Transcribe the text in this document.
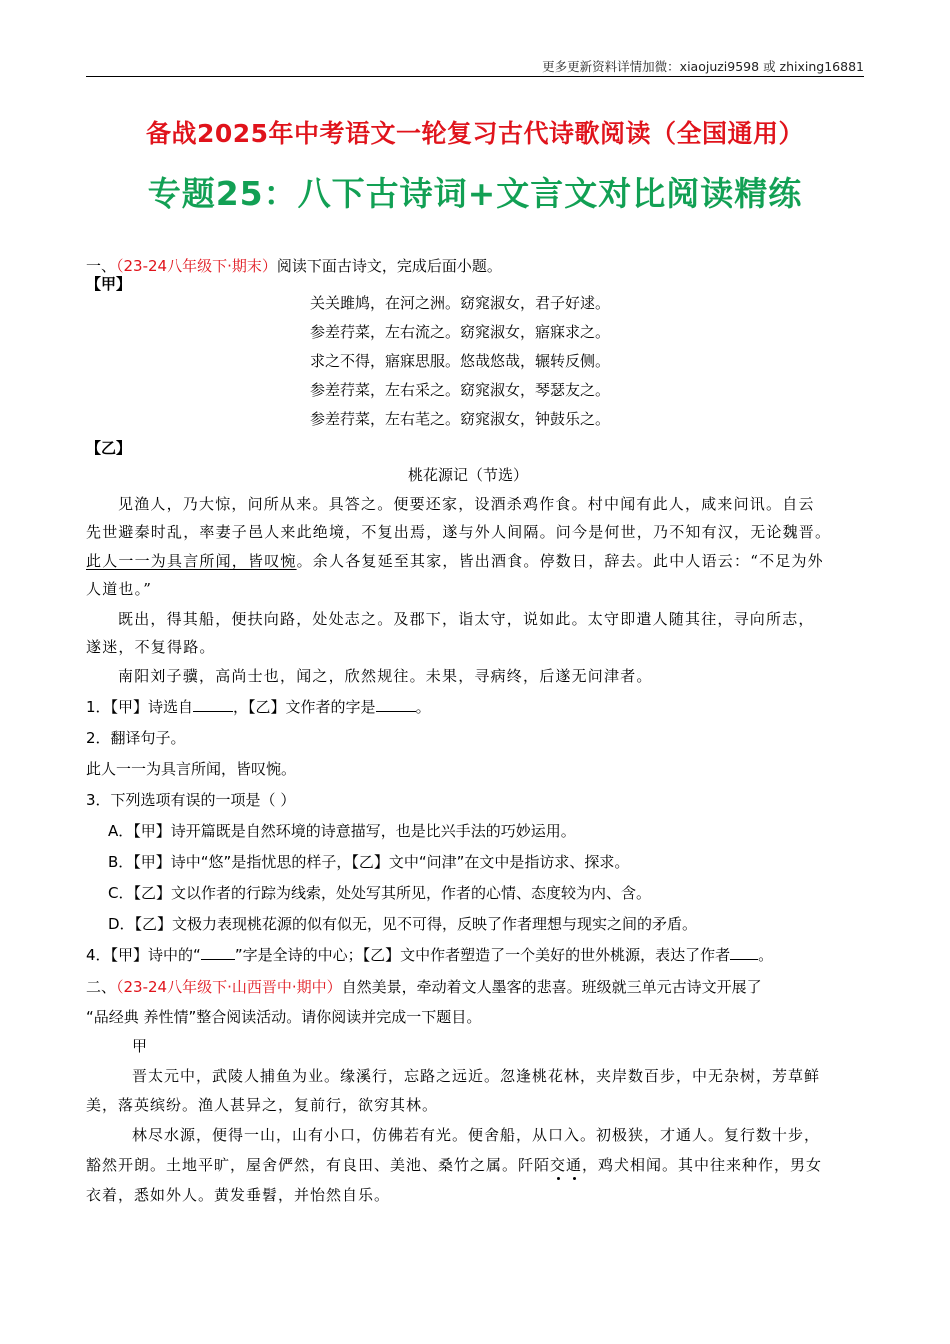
更多更新资料详情加微：xiaojuzi9598 或 zhixing16881
备战2025年中考语文一轮复习古代诗歌阅读（全国通用）
专题25：八下古诗词+文言文对比阅读精练
一、（23-24八年级下·期末）阅读下面古诗文，完成后面小题。
【甲】
关关雎鸠，在河之洲。窈窕淑女，君子好逑。
参差荇菜，左右流之。窈窕淑女，寤寐求之。
求之不得，寤寐思服。悠哉悠哉，辗转反侧。
参差荇菜，左右采之。窈窕淑女，琴瑟友之。
参差荇菜，左右芼之。窈窕淑女，钟鼓乐之。
【乙】
桃花源记（节选）
见渔人，乃大惊，问所从来。具答之。便要还家，设酒杀鸡作食。村中闻有此人，咸来问讯。自云
先世避秦时乱，率妻子邑人来此绝境，不复出焉，遂与外人间隔。问今是何世，乃不知有汉，无论魏晋。
此人一一为具言所闻，皆叹惋。余人各复延至其家，皆出酒食。停数日，辞去。此中人语云：“不足为外
人道也。”
既出，得其船，便扶向路，处处志之。及郡下，诣太守，说如此。太守即遣人随其往，寻向所志，
遂迷，不复得路。
南阳刘子骥，高尚士也，闻之，欣然规往。未果，寻病终，后遂无问津者。
1．【甲】诗选自	，【乙】文作者的字是	。
2．翻译句子。
此人一一为具言所闻，皆叹惋。
3．下列选项有误的一项是（ ）
A．【甲】诗开篇既是自然环境的诗意描写，也是比兴手法的巧妙运用。
B．【甲】诗中“悠”是指忧思的样子，【乙】文中“问津”在文中是指访求、探求。
C．【乙】文以作者的行踪为线索，处处写其所见，作者的心情、态度较为内、含。
D．【乙】文极力表现桃花源的似有似无，见不可得，反映了作者理想与现实之间的矛盾。
4．【甲】诗中的“ ”字是全诗的中心；【乙】文中作者塑造了一个美好的世外桃源，表达了作者 。
二、（23-24八年级下·山西晋中·期中）自然美景，牵动着文人墨客的悲喜。班级就三单元古诗文开展了
“品经典 养性情”整合阅读活动。请你阅读并完成一下题目。
甲
晋太元中，武陵人捕鱼为业。缘溪行，忘路之远近。忽逢桃花林，夹岸数百步，中无杂树，芳草鲜
美，落英缤纷。渔人甚异之，复前行，欲穷其林。
林尽水源，便得一山，山有小口，仿佛若有光。便舍船，从口入。初极狭，才通人。复行数十步，
豁然开朗。土地平旷，屋舍俨然，有良田、美池、桑竹之属。阡陌交通，鸡犬相闻。其中往来种作，男女
衣着，悉如外人。黄发垂髫，并怡然自乐。
